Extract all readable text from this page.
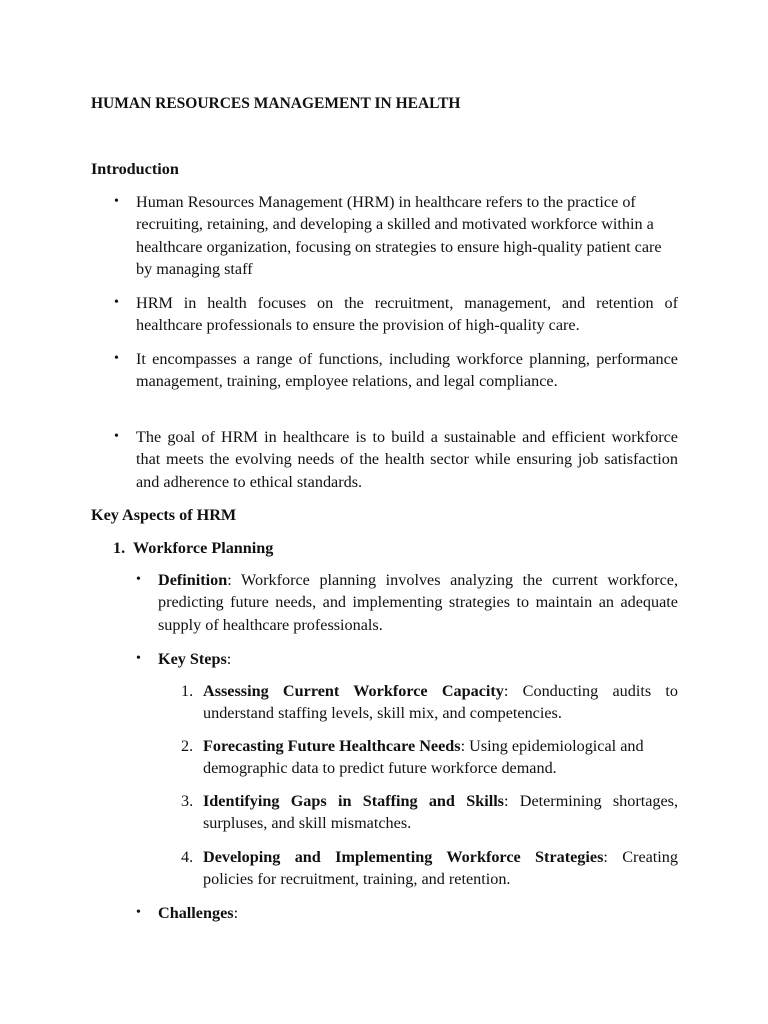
HUMAN RESOURCES MANAGEMENT IN HEALTH
Introduction
• Human Resources Management (HRM) in healthcare refers to the practice of recruiting, retaining, and developing a skilled and motivated workforce within a healthcare organization, focusing on strategies to ensure high-quality patient care by managing staff
• HRM in health focuses on the recruitment, management, and retention of healthcare professionals to ensure the provision of high-quality care.
• It encompasses a range of functions, including workforce planning, performance management, training, employee relations, and legal compliance.
• The goal of HRM in healthcare is to build a sustainable and efficient workforce that meets the evolving needs of the health sector while ensuring job satisfaction and adherence to ethical standards.
Key Aspects of HRM
1. Workforce Planning
• Definition: Workforce planning involves analyzing the current workforce, predicting future needs, and implementing strategies to maintain an adequate supply of healthcare professionals.
• Key Steps:
1. Assessing Current Workforce Capacity: Conducting audits to understand staffing levels, skill mix, and competencies.
2. Forecasting Future Healthcare Needs: Using epidemiological and demographic data to predict future workforce demand.
3. Identifying Gaps in Staffing and Skills: Determining shortages, surpluses, and skill mismatches.
4. Developing and Implementing Workforce Strategies: Creating policies for recruitment, training, and retention.
• Challenges:
